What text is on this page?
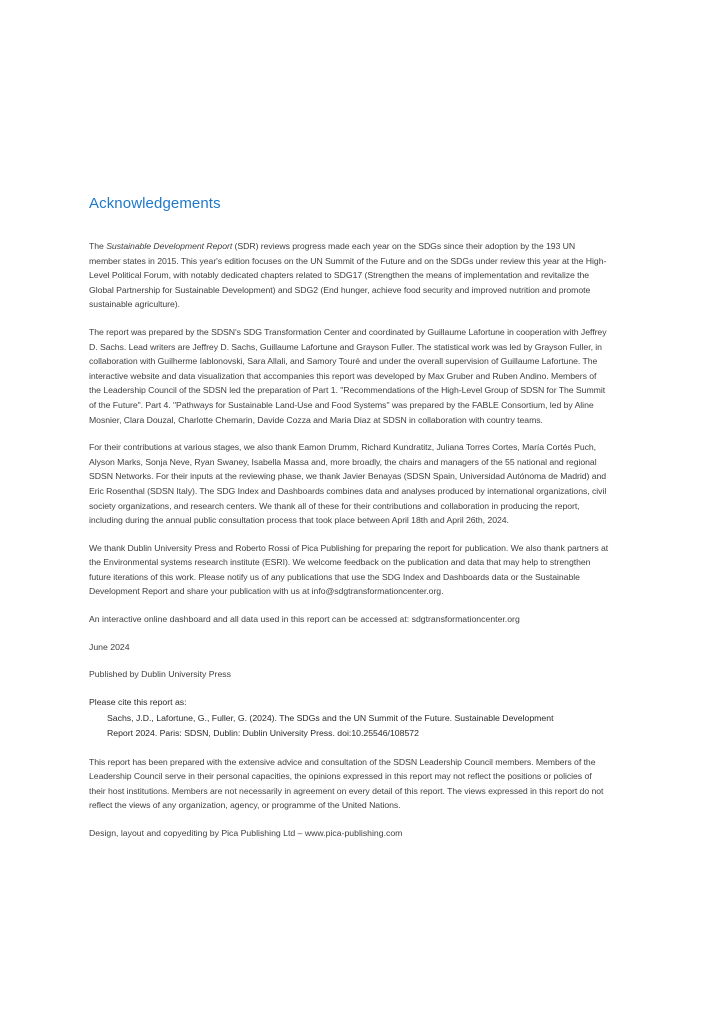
Acknowledgements

The Sustainable Development Report (SDR) reviews progress made each year on the SDGs since their adoption by the 193 UN member states in 2015. This year's edition focuses on the UN Summit of the Future and on the SDGs under review this year at the High-Level Political Forum, with notably dedicated chapters related to SDG17 (Strengthen the means of implementation and revitalize the Global Partnership for Sustainable Development) and SDG2 (End hunger, achieve food security and improved nutrition and promote sustainable agriculture).

The report was prepared by the SDSN's SDG Transformation Center and coordinated by Guillaume Lafortune in cooperation with Jeffrey D. Sachs. Lead writers are Jeffrey D. Sachs, Guillaume Lafortune and Grayson Fuller. The statistical work was led by Grayson Fuller, in collaboration with Guilherme Iablonovski, Sara Allali, and Samory Touré and under the overall supervision of Guillaume Lafortune. The interactive website and data visualization that accompanies this report was developed by Max Gruber and Ruben Andino. Members of the Leadership Council of the SDSN led the preparation of Part 1. "Recommendations of the High-Level Group of SDSN for The Summit of the Future". Part 4. "Pathways for Sustainable Land-Use and Food Systems" was prepared by the FABLE Consortium, led by Aline Mosnier, Clara Douzal, Charlotte Chemarin, Davide Cozza and Maria Diaz at SDSN in collaboration with country teams.

For their contributions at various stages, we also thank Eamon Drumm, Richard Kundratitz, Juliana Torres Cortes, María Cortés Puch, Alyson Marks, Sonja Neve, Ryan Swaney, Isabella Massa and, more broadly, the chairs and managers of the 55 national and regional SDSN Networks. For their inputs at the reviewing phase, we thank Javier Benayas (SDSN Spain, Universidad Autónoma de Madrid) and Eric Rosenthal (SDSN Italy). The SDG Index and Dashboards combines data and analyses produced by international organizations, civil society organizations, and research centers. We thank all of these for their contributions and collaboration in producing the report, including during the annual public consultation process that took place between April 18th and April 26th, 2024.

We thank Dublin University Press and Roberto Rossi of Pica Publishing for preparing the report for publication. We also thank partners at the Environmental systems research institute (ESRI). We welcome feedback on the publication and data that may help to strengthen future iterations of this work. Please notify us of any publications that use the SDG Index and Dashboards data or the Sustainable Development Report and share your publication with us at info@sdgtransformationcenter.org.

An interactive online dashboard and all data used in this report can be accessed at: sdgtransformationcenter.org

June 2024

Published by Dublin University Press

Please cite this report as:

Sachs, J.D., Lafortune, G., Fuller, G. (2024). The SDGs and the UN Summit of the Future. Sustainable Development Report 2024. Paris: SDSN, Dublin: Dublin University Press. doi:10.25546/108572

This report has been prepared with the extensive advice and consultation of the SDSN Leadership Council members. Members of the Leadership Council serve in their personal capacities, the opinions expressed in this report may not reflect the positions or policies of their host institutions. Members are not necessarily in agreement on every detail of this report. The views expressed in this report do not reflect the views of any organization, agency, or programme of the United Nations.

Design, layout and copyediting by Pica Publishing Ltd – www.pica-publishing.com
